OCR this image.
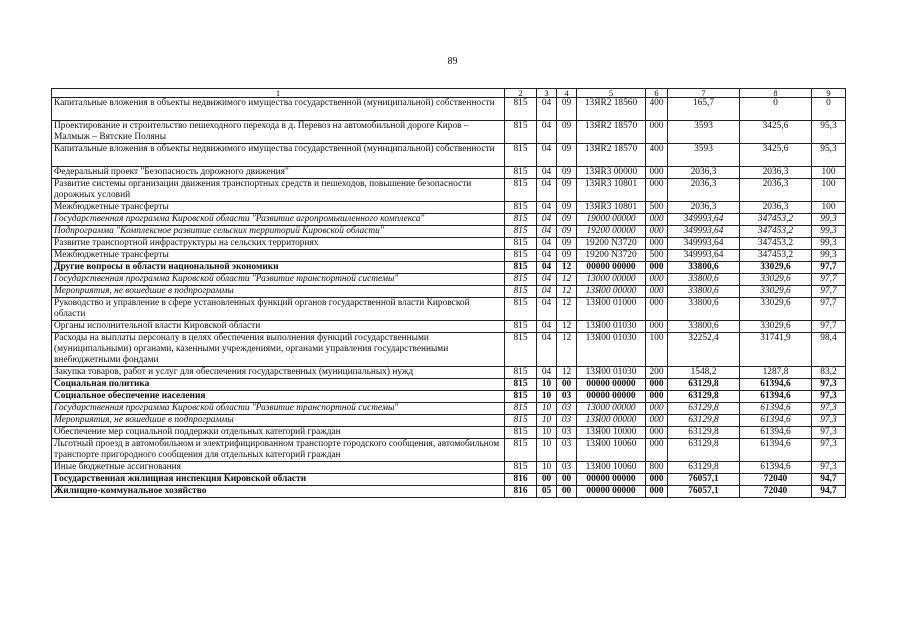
89
1	2	3	4	5	6	7	8	9
Капитальные вложения в объекты недвижимого имущества государственной (муниципальной) собственности	815	04	09	13ЯR2 18560	400	165,7	0	0
Проектирование и строительство пешеходного перехода в д. Перевоз на автомобильной дороге Киров – Малмыж – Вятские Поляны	815	04	09	13ЯR2 18570	000	3593	3425,6	95,3
Капитальные вложения в объекты недвижимого имущества государственной (муниципальной) собственности	815	04	09	13ЯR2 18570	400	3593	3425,6	95,3
Федеральный проект "Безопасность дорожного движения"	815	04	09	13ЯR3 00000	000	2036,3	2036,3	100
Развитие системы организации движения транспортных средств и пешеходов, повышение безопасности дорожных условий	815	04	09	13ЯR3 10801	000	2036,3	2036,3	100
Межбюджетные трансферты	815	04	09	13ЯR3 10801	500	2036,3	2036,3	100
Государственная программа Кировской области "Развитие агропромышленного комплекса"	815	04	09	19000 00000	000	349993,64	347453,2	99,3
Подпрограмма "Комплексное развитие сельских территорий Кировской области"	815	04	09	19200 00000	000	349993,64	347453,2	99,3
Развитие транспортной инфраструктуры на сельских территориях	815	04	09	19200 N3720	000	349993,64	347453,2	99,3
Межбюджетные трансферты	815	04	09	19200 N3720	500	349993,64	347453,2	99,3
Другие вопросы в области национальной экономики	815	04	12	00000 00000	000	33800,6	33029,6	97,7
Государственная программа Кировской области "Развитие транспортной системы"	815	04	12	13000 00000	000	33800,6	33029,6	97,7
Мероприятия, не вошедшие в подпрограммы	815	04	12	13Я00 00000	000	33800,6	33029,6	97,7
Руководство и управление в сфере установленных функций органов государственной власти Кировской области	815	04	12	13Я00 01000	000	33800,6	33029,6	97,7
Органы исполнительной власти Кировской области	815	04	12	13Я00 01030	000	33800,6	33029,6	97,7
Расходы на выплаты персоналу в целях обеспечения выполнения функций государственными (муниципальными) органами, казенными учреждениями, органами управления государственными внебюджетными фондами	815	04	12	13Я00 01030	100	32252,4	31741,9	98,4
Закупка товаров, работ и услуг для обеспечения государственных (муниципальных) нужд	815	04	12	13Я00 01030	200	1548,2	1287,8	83,2
Социальная политика	815	10	00	00000 00000	000	63129,8	61394,6	97,3
Социальное обеспечение населения	815	10	03	00000 00000	000	63129,8	61394,6	97,3
Государственная программа Кировской области "Развитие транспортной системы"	815	10	03	13000 00000	000	63129,8	61394,6	97,3
Мероприятия, не вошедшие в подпрограммы	815	10	03	13Я00 00000	000	63129,8	61394,6	97,3
Обеспечение мер социальной поддержки отдельных категорий граждан	815	10	03	13Я00 10000	000	63129,8	61394,6	97,3
Льготный проезд в автомобильном и электрифицированном транспорте городского сообщения, автомобильном транспорте пригородного сообщения для отдельных категорий граждан	815	10	03	13Я00 10060	000	63129,8	61394,6	97,3
Иные бюджетные ассигнования	815	10	03	13Я00 10060	800	63129,8	61394,6	97,3
Государственная жилищная инспекция Кировской области	816	00	00	00000 00000	000	76057,1	72040	94,7
Жилищно-коммунальное хозяйство	816	05	00	00000 00000	000	76057,1	72040	94,7
